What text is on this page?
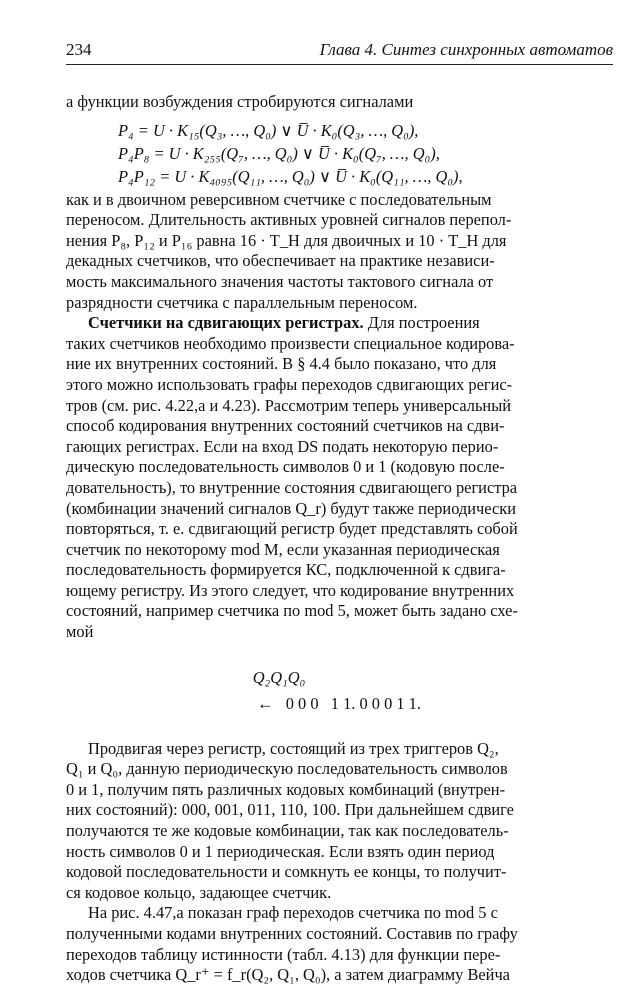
234	Глава 4. Синтез синхронных автоматов
а функции возбуждения стробируются сигналами
P₄ = U · K₁₅(Q₃, …, Q₀) ∨ U̅ · K₀(Q₃, …, Q₀),
P₄P₈ = U · K₂₅₅(Q₇, …, Q₀) ∨ U̅ · K₀(Q₇, …, Q₀),
P₄P₁₂ = U · K₄₀₉₅(Q₁₁, …, Q₀) ∨ U̅ · K₀(Q₁₁, …, Q₀),
как и в двоичном реверсивном счетчике с последовательным
переносом. Длительность активных уровней сигналов перепол-
нения P₈, P₁₂ и P₁₆ равна 16 · T_H для двоичных и 10 · T_H для
декадных счетчиков, что обеспечивает на практике независи-
мость максимального значения частоты тактового сигнала от
разрядности счетчика с параллельным переносом.
Счетчики на сдвигающих регистрах. Для построения
таких счетчиков необходимо произвести специальное кодирова-
ние их внутренних состояний. В § 4.4 было показано, что для
этого можно использовать графы переходов сдвигающих регис-
тров (см. рис. 4.22,а и 4.23). Рассмотрим теперь универсальный
способ кодирования внутренних состояний счетчиков на сдви-
гающих регистрах. Если на вход DS подать некоторую перио-
дическую последовательность символов 0 и 1 (кодовую после-
довательность), то внутренние состояния сдвигающего регистра
(комбинации значений сигналов Q_r) будут также периодически
повторяться, т. е. сдвигающий регистр будет представлять собой
счетчик по некоторому mod M, если указанная периодическая
последовательность формируется КС, подключенной к сдвига-
ющему регистру. Из этого следует, что кодирование внутренних
состояний, например счетчика по mod 5, может быть задано схе-
мой
Q₂Q₁Q₀
←   0 0 0   1 1. 0 0 0 1 1.
Продвигая через регистр, состоящий из трех триггеров Q₂,
Q₁ и Q₀, данную периодическую последовательность символов
0 и 1, получим пять различных кодовых комбинаций (внутрен-
них состояний): 000, 001, 011, 110, 100. При дальнейшем сдвиге
получаются те же кодовые комбинации, так как последователь-
ность символов 0 и 1 периодическая. Если взять один период
кодовой последовательности и сомкнуть ее концы, то получит-
ся кодовое кольцо, задающее счетчик.
На рис. 4.47,а показан граф переходов счетчика по mod 5 с
полученными кодами внутренних состояний. Составив по графу
переходов таблицу истинности (табл. 4.13) для функции пере-
ходов счетчика Q_r⁺ = f_r(Q₂, Q₁, Q₀), а затем диаграмму Вейча
